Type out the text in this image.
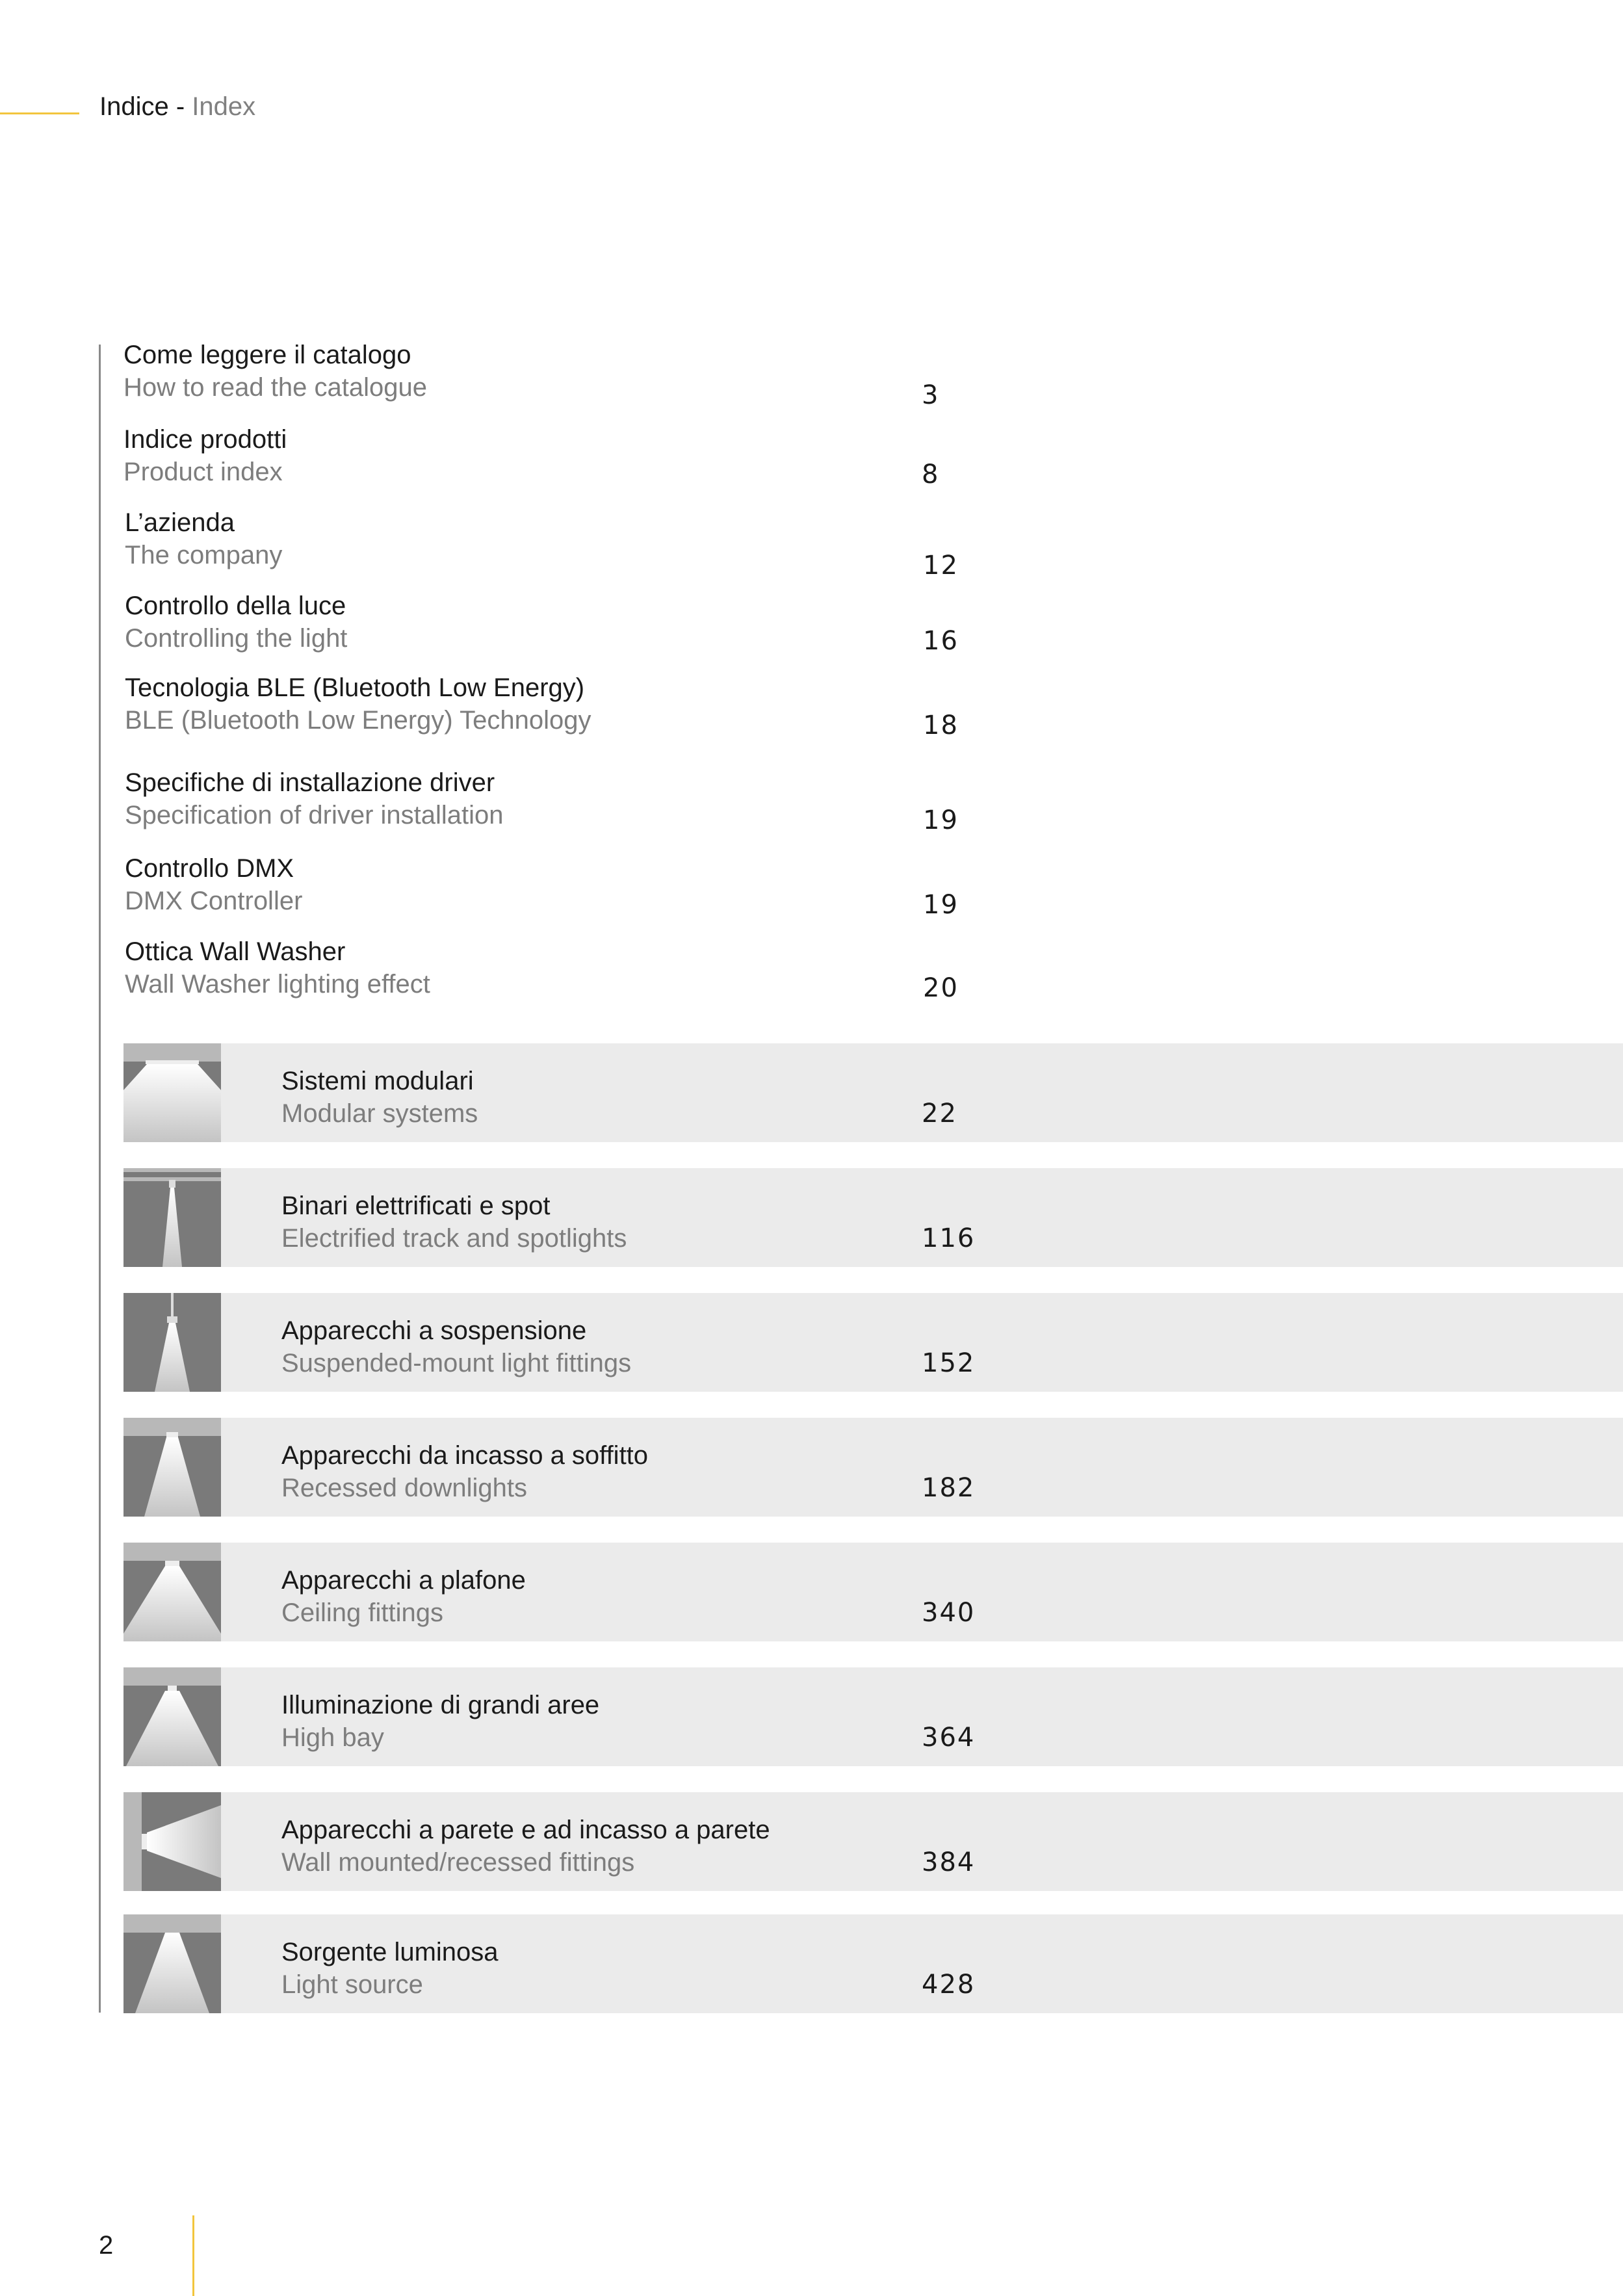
Indice - Index
Come leggere il catalogo
How to read the catalogue	3
Indice prodotti
Product index	8
L’azienda
The company	12
Controllo della luce
Controlling the light	16
Tecnologia BLE (Bluetooth Low Energy)
BLE (Bluetooth Low Energy) Technology	18
Specifiche di installazione driver
Specification of driver installation	19
Controllo DMX
DMX Controller	19
Ottica Wall Washer
Wall Washer lighting effect	20
Sistemi modulari
Modular systems	22
Binari elettrificati e spot
Electrified track and spotlights	116
Apparecchi a sospensione
Suspended-mount light fittings	152
Apparecchi da incasso a soffitto
Recessed downlights	182
Apparecchi a plafone
Ceiling fittings	340
Illuminazione di grandi aree
High bay	364
Apparecchi a parete e ad incasso a parete
Wall mounted/recessed fittings	384
Sorgente luminosa
Light source	428
2
